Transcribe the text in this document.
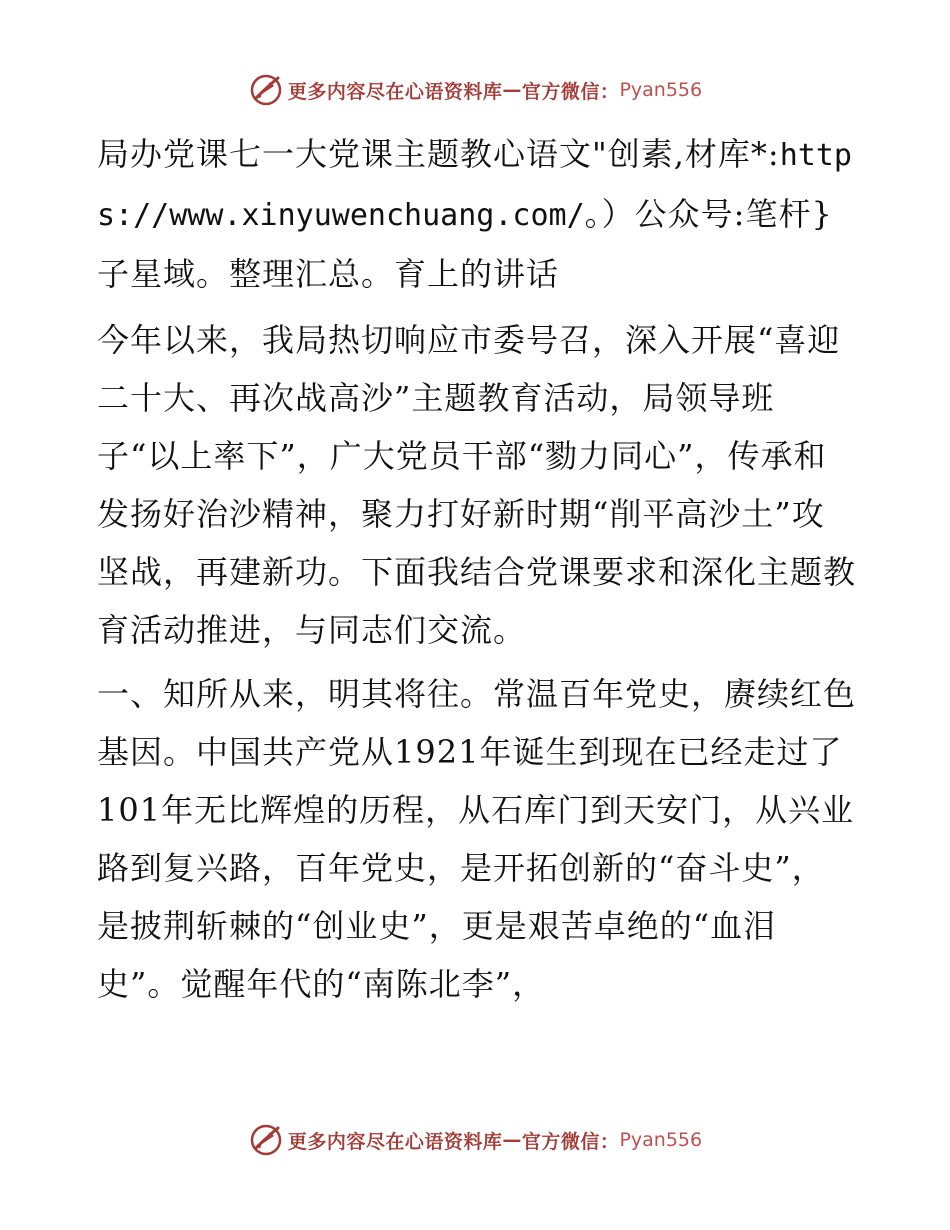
更多内容尽在心语资料库 — 官方微信： Pyan556

局办党课七一大党课主题教心语文"创素,材库*:https://www.xinyuwenchuang.com/。）公众号:笔杆}子星域。整理汇总。育上的讲话

今年以来，我局热切响应市委号召，深入开展“喜迎二十大、再次战高沙”主题教育活动，局领导班子“以上率下”，广大党员干部“勠力同心”，传承和发扬好治沙精神，聚力打好新时期“削平高沙土”攻坚战，再建新功。下面我结合党课要求和深化主题教育活动推进，与同志们交流。

一、知所从来，明其将往。常温百年党史，赓续红色基因。中国共产党从1921年诞生到现在已经走过了101年无比辉煌的历程，从石库门到天安门，从兴业路到复兴路，百年党史，是开拓创新的“奋斗史”，是披荆斩棘的“创业史”，更是艰苦卓绝的“血泪史”。觉醒年代的“南陈北李”，

更多内容尽在心语资料库 — 官方微信： Pyan556
